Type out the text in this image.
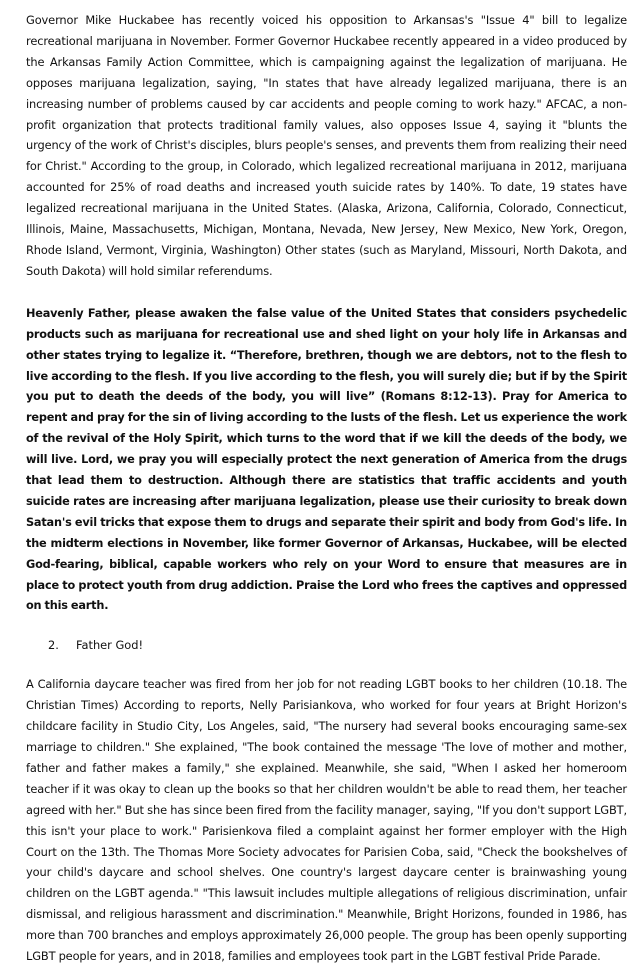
Governor Mike Huckabee has recently voiced his opposition to Arkansas's "Issue 4" bill to legalize recreational marijuana in November. Former Governor Huckabee recently appeared in a video produced by the Arkansas Family Action Committee, which is campaigning against the legalization of marijuana. He opposes marijuana legalization, saying, "In states that have already legalized marijuana, there is an increasing number of problems caused by car accidents and people coming to work hazy." AFCAC, a non-profit organization that protects traditional family values, also opposes Issue 4, saying it "blunts the urgency of the work of Christ's disciples, blurs people's senses, and prevents them from realizing their need for Christ." According to the group, in Colorado, which legalized recreational marijuana in 2012, marijuana accounted for 25% of road deaths and increased youth suicide rates by 140%. To date, 19 states have legalized recreational marijuana in the United States. (Alaska, Arizona, California, Colorado, Connecticut, Illinois, Maine, Massachusetts, Michigan, Montana, Nevada, New Jersey, New Mexico, New York, Oregon, Rhode Island, Vermont, Virginia, Washington) Other states (such as Maryland, Missouri, North Dakota, and South Dakota) will hold similar referendums.

Heavenly Father, please awaken the false value of the United States that considers psychedelic products such as marijuana for recreational use and shed light on your holy life in Arkansas and other states trying to legalize it. “Therefore, brethren, though we are debtors, not to the flesh to live according to the flesh. If you live according to the flesh, you will surely die; but if by the Spirit you put to death the deeds of the body, you will live” (Romans 8:12-13). Pray for America to repent and pray for the sin of living according to the lusts of the flesh. Let us experience the work of the revival of the Holy Spirit, which turns to the word that if we kill the deeds of the body, we will live. Lord, we pray you will especially protect the next generation of America from the drugs that lead them to destruction. Although there are statistics that traffic accidents and youth suicide rates are increasing after marijuana legalization, please use their curiosity to break down Satan's evil tricks that expose them to drugs and separate their spirit and body from God's life. In the midterm elections in November, like former Governor of Arkansas, Huckabee, will be elected God-fearing, biblical, capable workers who rely on your Word to ensure that measures are in place to protect youth from drug addiction. Praise the Lord who frees the captives and oppressed on this earth.

2.	Father God!

A California daycare teacher was fired from her job for not reading LGBT books to her children (10.18. The Christian Times) According to reports, Nelly Parisiankova, who worked for four years at Bright Horizon's childcare facility in Studio City, Los Angeles, said, "The nursery had several books encouraging same-sex marriage to children." She explained, "The book contained the message 'The love of mother and mother, father and father makes a family," she explained. Meanwhile, she said, "When I asked her homeroom teacher if it was okay to clean up the books so that her children wouldn't be able to read them, her teacher agreed with her." But she has since been fired from the facility manager, saying, "If you don't support LGBT, this isn't your place to work." Parisienkova filed a complaint against her former employer with the High Court on the 13th. The Thomas More Society advocates for Parisien Coba, said, "Check the bookshelves of your child's daycare and school shelves. One country's largest daycare center is brainwashing young children on the LGBT agenda." "This lawsuit includes multiple allegations of religious discrimination, unfair dismissal, and religious harassment and discrimination." Meanwhile, Bright Horizons, founded in 1986, has more than 700 branches and employs approximately 26,000 people. The group has been openly supporting LGBT people for years, and in 2018, families and employees took part in the LGBT festival Pride Parade.
